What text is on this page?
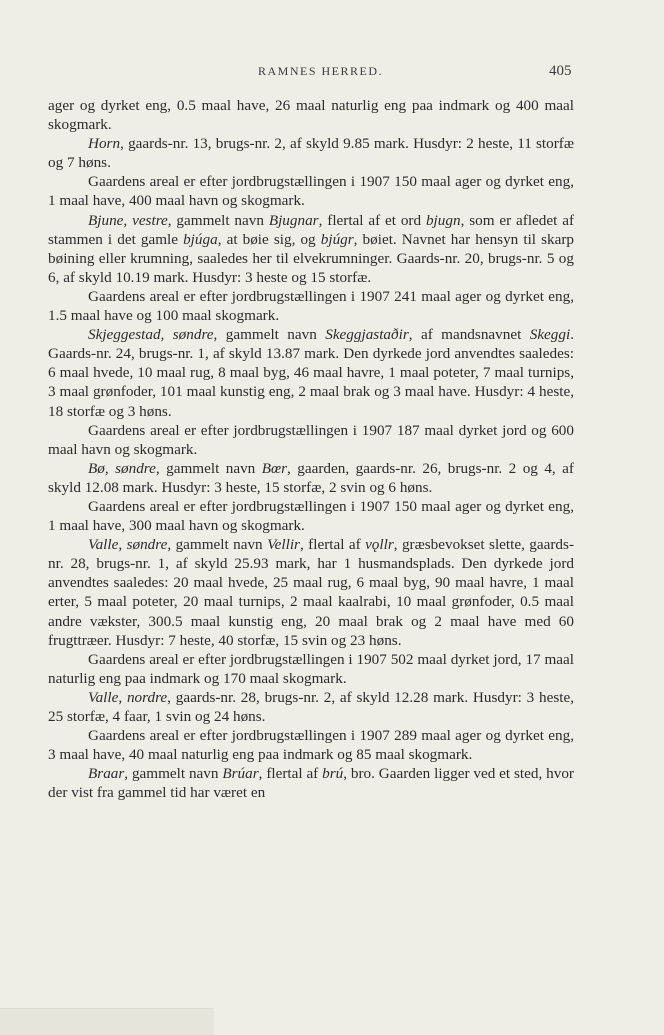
RAMNES HERRED.	405

ager og dyrket eng, 0.5 maal have, 26 maal naturlig eng paa indmark og 400 maal skogmark.

Horn, gaards-nr. 13, brugs-nr. 2, af skyld 9.85 mark. Husdyr: 2 heste, 11 storfæ og 7 høns.

Gaardens areal er efter jordbrugstællingen i 1907 150 maal ager og dyrket eng, 1 maal have, 400 maal havn og skogmark.

Bjune, vestre, gammelt navn Bjugnar, flertal af et ord bjugn, som er afledet af stammen i det gamle bjúga, at bøie sig, og bjúgr, bøiet. Navnet har hensyn til skarp bøining eller krumning, saaledes her til elvekrumninger. Gaards-nr. 20, brugs-nr. 5 og 6, af skyld 10.19 mark. Husdyr: 3 heste og 15 storfæ.

Gaardens areal er efter jordbrugstællingen i 1907 241 maal ager og dyrket eng, 1.5 maal have og 100 maal skogmark.

Skjeggestad, søndre, gammelt navn Skeggjastaðir, af mandsnavnet Skeggi. Gaards-nr. 24, brugs-nr. 1, af skyld 13.87 mark. Den dyrkede jord anvendtes saaledes: 6 maal hvede, 10 maal rug, 8 maal byg, 46 maal havre, 1 maal poteter, 7 maal turnips, 3 maal grønfoder, 101 maal kunstig eng, 2 maal brak og 3 maal have. Husdyr: 4 heste, 18 storfæ og 3 høns.

Gaardens areal er efter jordbrugstællingen i 1907 187 maal dyrket jord og 600 maal havn og skogmark.

Bø, søndre, gammelt navn Bœr, gaarden, gaards-nr. 26, brugs-nr. 2 og 4, af skyld 12.08 mark. Husdyr: 3 heste, 15 storfæ, 2 svin og 6 høns.

Gaardens areal er efter jordbrugstællingen i 1907 150 maal ager og dyrket eng, 1 maal have, 300 maal havn og skogmark.

Valle, søndre, gammelt navn Vellir, flertal af vǫllr, græsbevokset slette, gaards-nr. 28, brugs-nr. 1, af skyld 25.93 mark, har 1 husmandsplads. Den dyrkede jord anvendtes saaledes: 20 maal hvede, 25 maal rug, 6 maal byg, 90 maal havre, 1 maal erter, 5 maal poteter, 20 maal turnips, 2 maal kaalrabi, 10 maal grønfoder, 0.5 maal andre vækster, 300.5 maal kunstig eng, 20 maal brak og 2 maal have med 60 frugttræer. Husdyr: 7 heste, 40 storfæ, 15 svin og 23 høns.

Gaardens areal er efter jordbrugstællingen i 1907 502 maal dyrket jord, 17 maal naturlig eng paa indmark og 170 maal skogmark.

Valle, nordre, gaards-nr. 28, brugs-nr. 2, af skyld 12.28 mark. Husdyr: 3 heste, 25 storfæ, 4 faar, 1 svin og 24 høns.

Gaardens areal er efter jordbrugstællingen i 1907 289 maal ager og dyrket eng, 3 maal have, 40 maal naturlig eng paa indmark og 85 maal skogmark.

Braar, gammelt navn Brúar, flertal af brú, bro. Gaarden ligger ved et sted, hvor der vist fra gammel tid har været en
